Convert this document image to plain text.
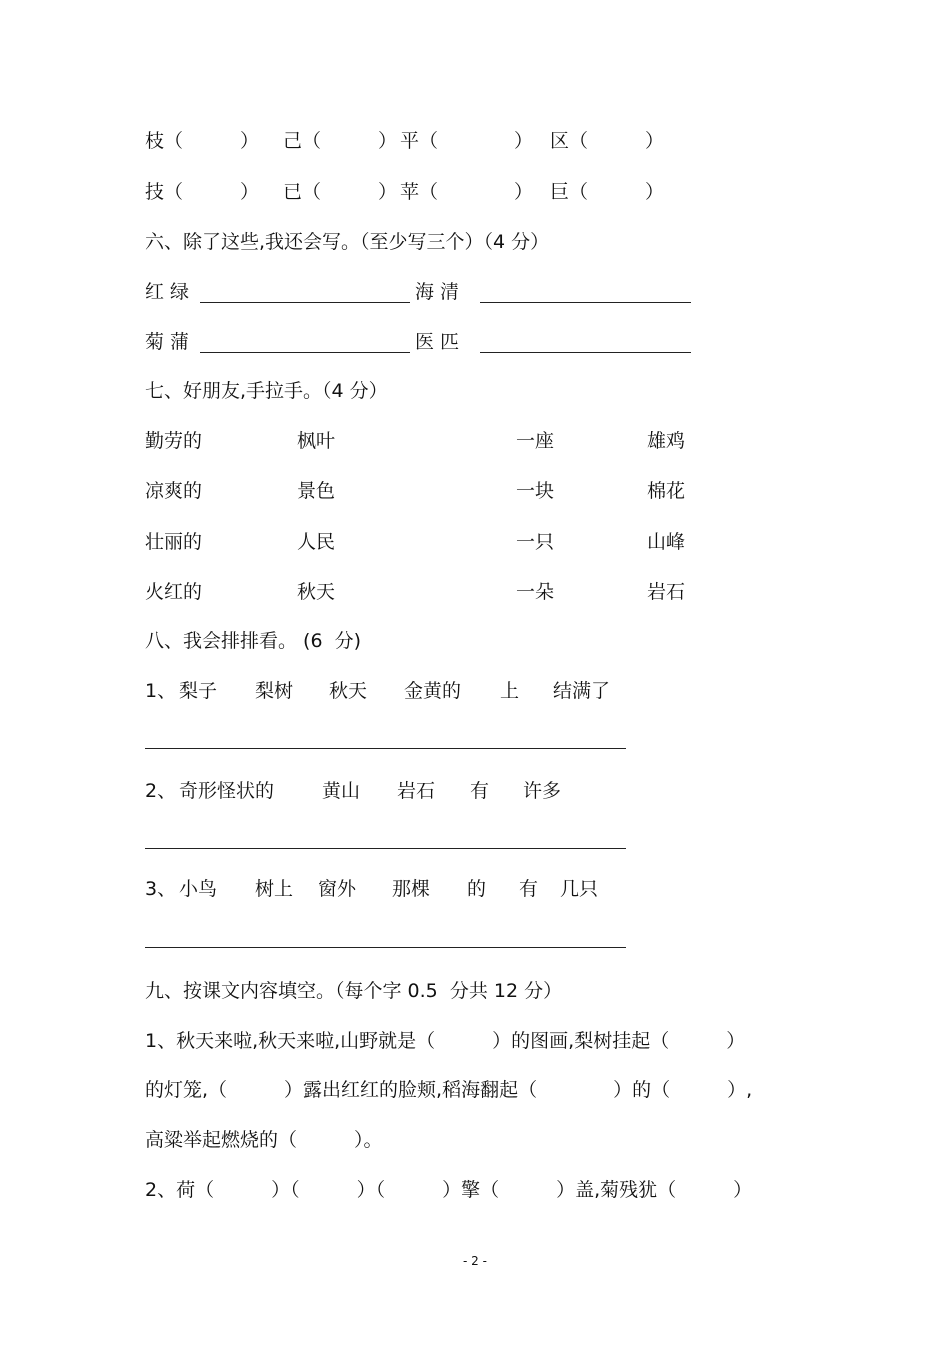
枝（　　　） 己（　　　） 平（　　　　） 区（　　　）
技（　　　） 已（　　　） 苹（　　　　） 巨（　　　）
六、除了这些,我还会写。（至少写三个）（4 分）
红 绿	海 清
菊 蒲	医 匹
七、好朋友,手拉手。（4 分）
勤劳的	枫叶	一座	雄鸡
凉爽的	景色	一块	棉花
壮丽的	人民	一只	山峰
火红的	秋天	一朵	岩石
八、我会排排看。 (6  分)
1、 梨子 梨树 秋天 金黄的 上 结满了
2、 奇形怪状的	黄山 岩石 有 许多
3、 小鸟 树上 窗外 那棵 的 有 几只
九、按课文内容填空。（每个字 0.5  分共 12 分）
1、秋天来啦,秋天来啦,山野就是（　　　）的图画,梨树挂起（　　　）
的灯笼,（　　　）露出红红的脸颊,稻海翻起（　　　　）的（　　　）,
高粱举起燃烧的（　　　）。
2、荷（　　　）（　　　）（　　　）擎（　　　）盖,菊残犹（　　　）
- 2 -
